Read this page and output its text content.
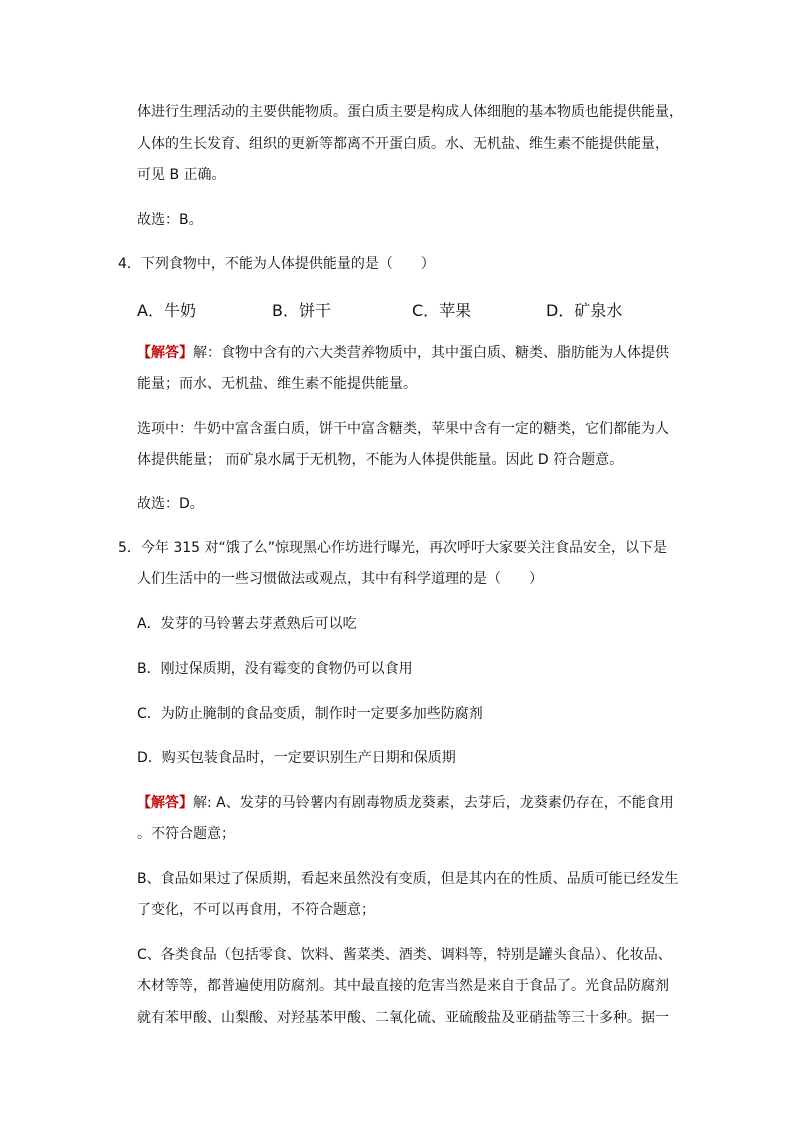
体进行生理活动的主要供能物质。蛋白质主要是构成人体细胞的基本物质也能提供能量，
人体的生长发育、组织的更新等都离不开蛋白质。水、无机盐、维生素不能提供能量，
可见 B 正确。
故选：B。
4．下列食物中，不能为人体提供能量的是（　　）
A．牛奶	B．饼干	C．苹果	D．矿泉水
【解答】解：食物中含有的六大类营养物质中，其中蛋白质、糖类、脂肪能为人体提供
能量；而水、无机盐、维生素不能提供能量。
选项中：牛奶中富含蛋白质，饼干中富含糖类，苹果中含有一定的糖类，它们都能为人
体提供能量； 而矿泉水属于无机物，不能为人体提供能量。因此 D 符合题意。
故选：D。
5．今年 315 对“饿了么”惊现黑心作坊进行曝光，再次呼吁大家要关注食品安全，以下是
人们生活中的一些习惯做法或观点，其中有科学道理的是（　　）
A．发芽的马铃薯去芽煮熟后可以吃
B．刚过保质期，没有霉变的食物仍可以食用
C．为防止腌制的食品变质，制作时一定要多加些防腐剂
D．购买包装食品时，一定要识别生产日期和保质期
【解答】解: A、发芽的马铃薯内有剧毒物质龙葵素，去芽后，龙葵素仍存在，不能食用
。不符合题意；
B、食品如果过了保质期，看起来虽然没有变质，但是其内在的性质、品质可能已经发生
了变化，不可以再食用，不符合题意；
C、各类食品（包括零食、饮料、酱菜类、酒类、调料等，特别是罐头食品）、化妆品、
木材等等，都普遍使用防腐剂。其中最直接的危害当然是来自于食品了。光食品防腐剂
就有苯甲酸、山梨酸、对羟基苯甲酸、二氧化硫、亚硫酸盐及亚硝盐等三十多种。据一
